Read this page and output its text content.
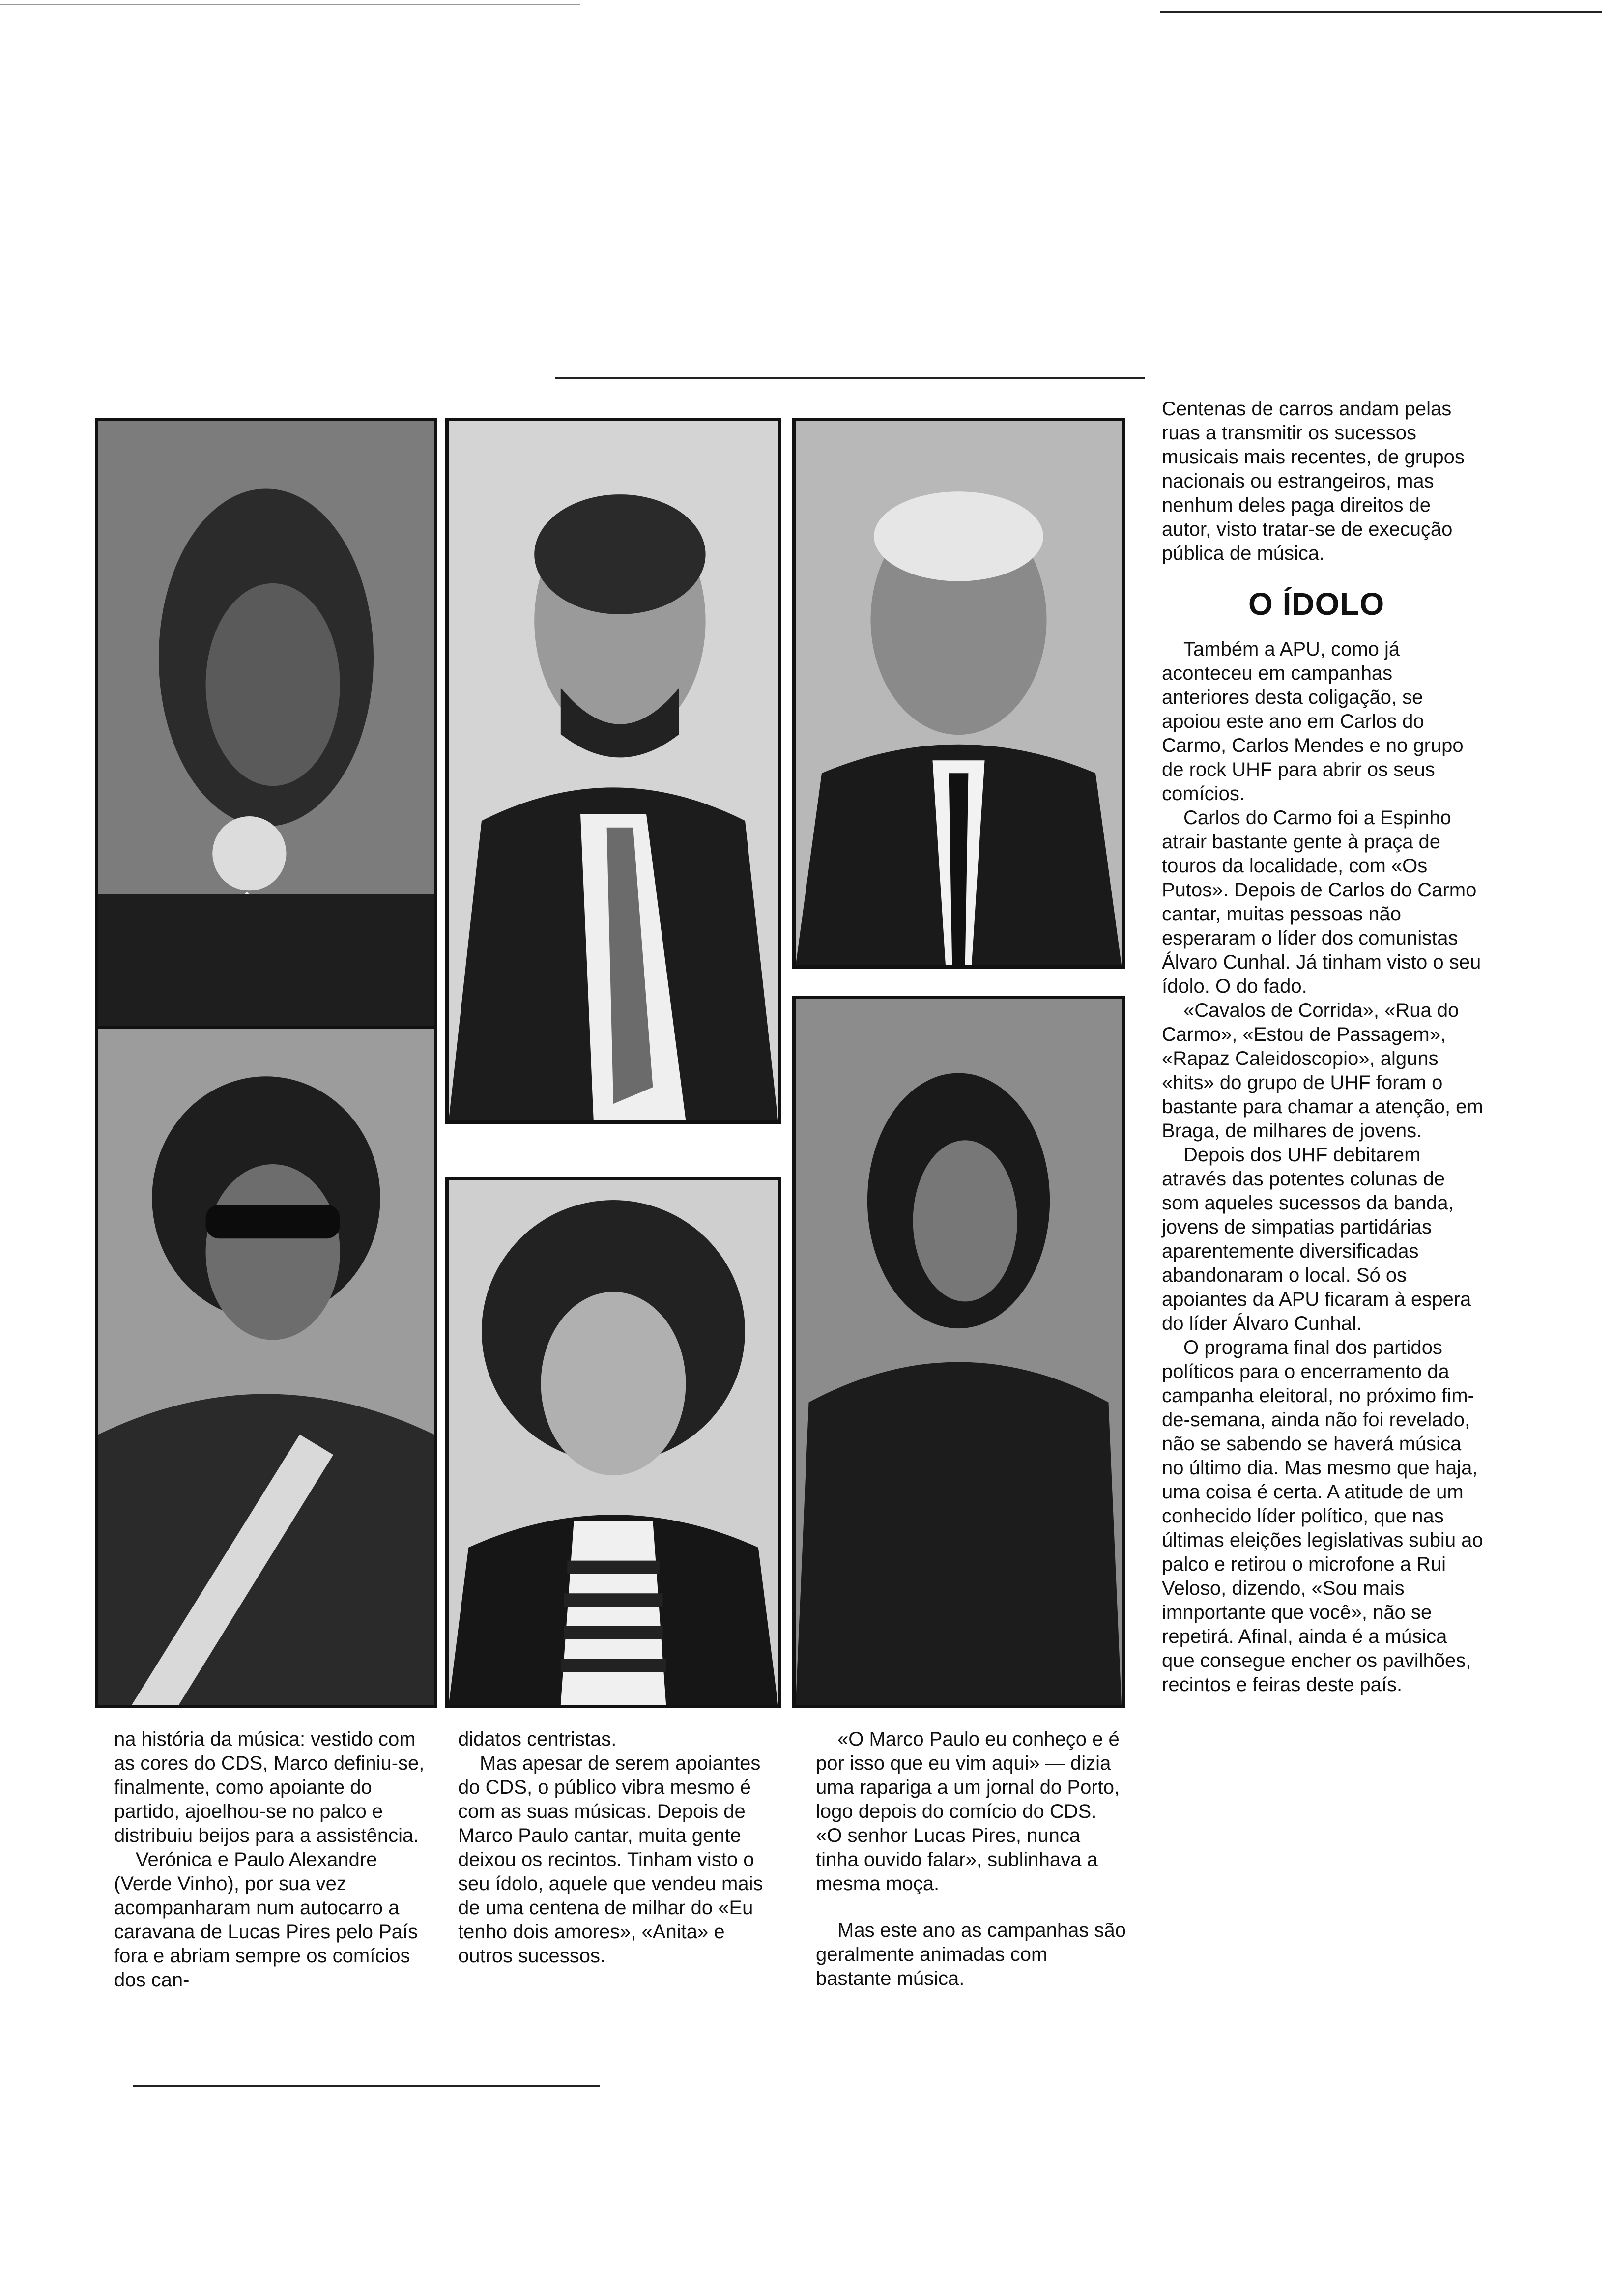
Centenas de carros andam pelas ruas a transmitir os sucessos musicais mais recentes, de grupos nacionais ou estrangeiros, mas nenhum deles paga direitos de autor, visto tratar-se de execução pública de música.

O ÍDOLO

Também a APU, como já aconteceu em campanhas anteriores desta coligação, se apoiou este ano em Carlos do Carmo, Carlos Mendes e no grupo de rock UHF para abrir os seus comícios.

Carlos do Carmo foi a Espinho atrair bastante gente à praça de touros da localidade, com «Os Putos». Depois de Carlos do Carmo cantar, muitas pessoas não esperaram o líder dos comunistas Álvaro Cunhal. Já tinham visto o seu ídolo. O do fado.

«Cavalos de Corrida», «Rua do Carmo», «Estou de Passagem», «Rapaz Caleidoscopio», alguns «hits» do grupo de UHF foram o bastante para chamar a atenção, em Braga, de milhares de jovens.

Depois dos UHF debitarem através das potentes colunas de som aqueles sucessos da banda, jovens de simpatias partidárias aparentemente diversificadas abandonaram o local. Só os apoiantes da APU ficaram à espera do líder Álvaro Cunhal.

O programa final dos partidos políticos para o encerramento da campanha eleitoral, no próximo fim-de-semana, ainda não foi revelado, não se sabendo se haverá música no último dia. Mas mesmo que haja, uma coisa é certa. A atitude de um conhecido líder político, que nas últimas eleições legislativas subiu ao palco e retirou o microfone a Rui Veloso, dizendo, «Sou mais imnportante que você», não se repetirá. Afinal, ainda é a música que consegue encher os pavilhões, recintos e feiras deste país.

na história da música: vestido com as cores do CDS, Marco definiu-se, finalmente, como apoiante do partido, ajoelhou-se no palco e distribuiu beijos para a assistência.

Verónica e Paulo Alexandre (Verde Vinho), por sua vez acompanharam num autocarro a caravana de Lucas Pires pelo País fora e abriam sempre os comícios dos can-

didatos centristas.

Mas apesar de serem apoiantes do CDS, o público vibra mesmo é com as suas músicas. Depois de Marco Paulo cantar, muita gente deixou os recintos. Tinham visto o seu ídolo, aquele que vendeu mais de uma centena de milhar do «Eu tenho dois amores», «Anita» e outros sucessos.

«O Marco Paulo eu conheço e é por isso que eu vim aqui» — dizia uma rapariga a um jornal do Porto, logo depois do comício do CDS. «O senhor Lucas Pires, nunca tinha ouvido falar», sublinhava a mesma moça.

Mas este ano as campanhas são geralmente animadas com bastante música.
